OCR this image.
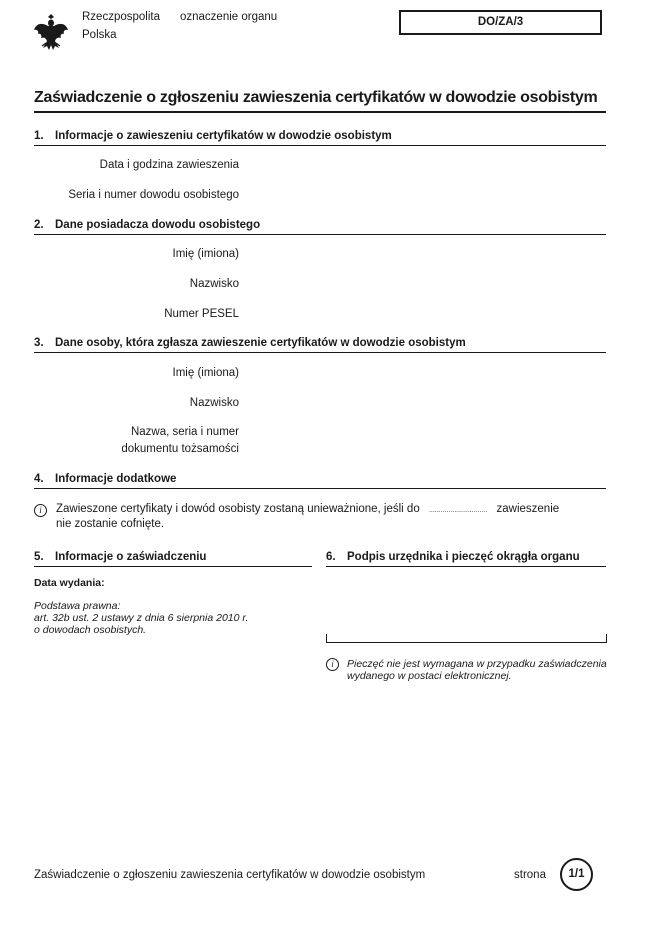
Rzeczpospolita
Polska
oznaczenie organu	DO/ZA/3
Zaświadczenie o zgłoszeniu zawieszenia certyfikatów w dowodzie osobistym
1. Informacje o zawieszeniu certyfikatów w dowodzie osobistym
Data i godzina zawieszenia
Seria i numer dowodu osobistego
2. Dane posiadacza dowodu osobistego
Imię (imiona)
Nazwisko
Numer PESEL
3. Dane osoby, która zgłasza zawieszenie certyfikatów w dowodzie osobistym
Imię (imiona)
Nazwisko
Nazwa, seria i numer
dokumentu tożsamości
4. Informacje dodatkowe
i	Zawieszone certyfikaty i dowód osobisty zostaną unieważnione, jeśli do .............................. zawieszenie
nie zostanie cofnięte.
5. Informacje o zaświadczeniu
Data wydania:
Podstawa prawna:
art. 32b ust. 2 ustawy z dnia 6 sierpnia 2010 r.
o dowodach osobistych.
6. Podpis urzędnika i pieczęć okrągła organu
i	Pieczęć nie jest wymagana w przypadku zaświadczenia
wydanego w postaci elektronicznej.
Zaświadczenie o zgłoszeniu zawieszenia certyfikatów w dowodzie osobistym	strona	1/1
